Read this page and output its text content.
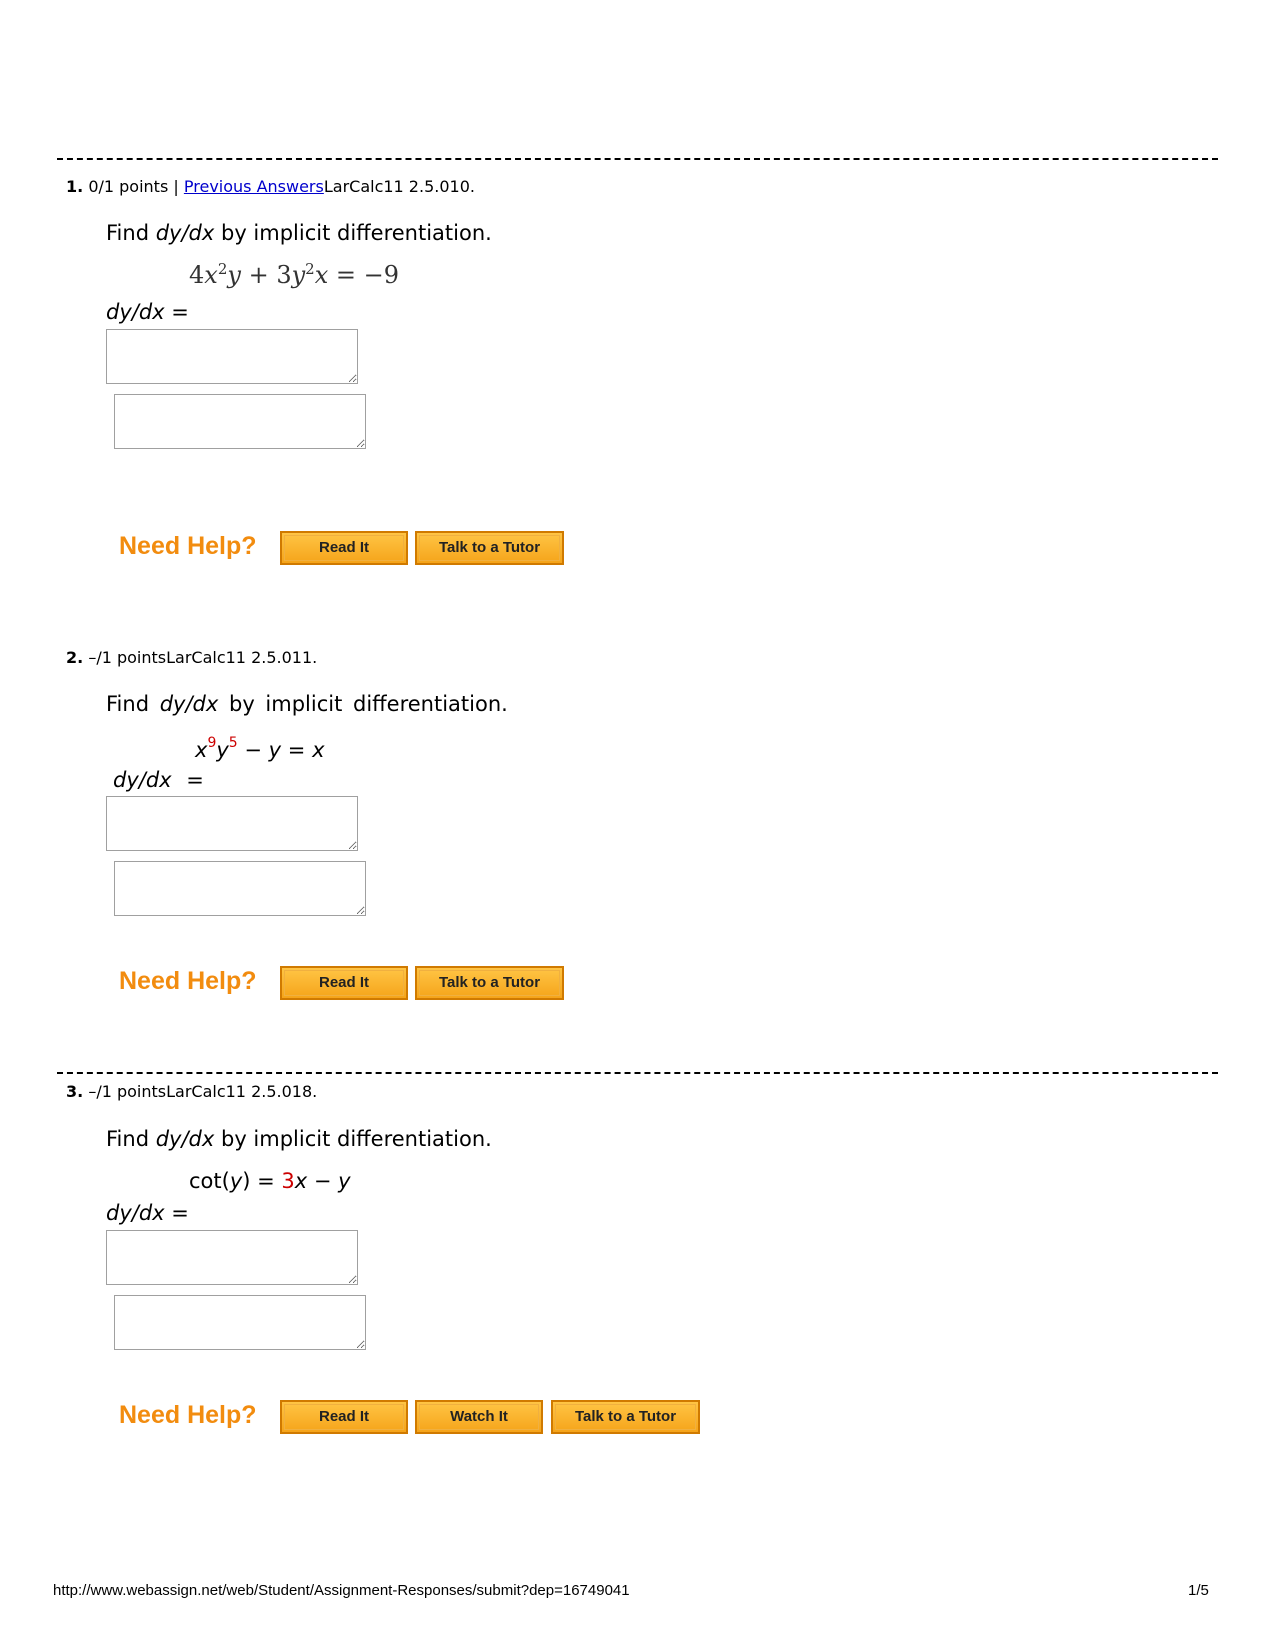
1. 0/1 points | Previous AnswersLarCalc11 2.5.010.
Find dy/dx by implicit differentiation.
$4x^2y + 3y^2x = -9$
dy/dx =
Need Help?	Read It	Talk to a Tutor
2. –/1 pointsLarCalc11 2.5.011.
Find dy/dx by implicit differentiation.
$x^9y^5 - y = x$
dy/dx =
Need Help?	Read It	Talk to a Tutor
3. –/1 pointsLarCalc11 2.5.018.
Find dy/dx by implicit differentiation.
cot(y) = 3x − y
dy/dx =
Need Help?	Read It	Watch It	Talk to a Tutor
http://www.webassign.net/web/Student/Assignment-Responses/submit?dep=16749041	1/5
